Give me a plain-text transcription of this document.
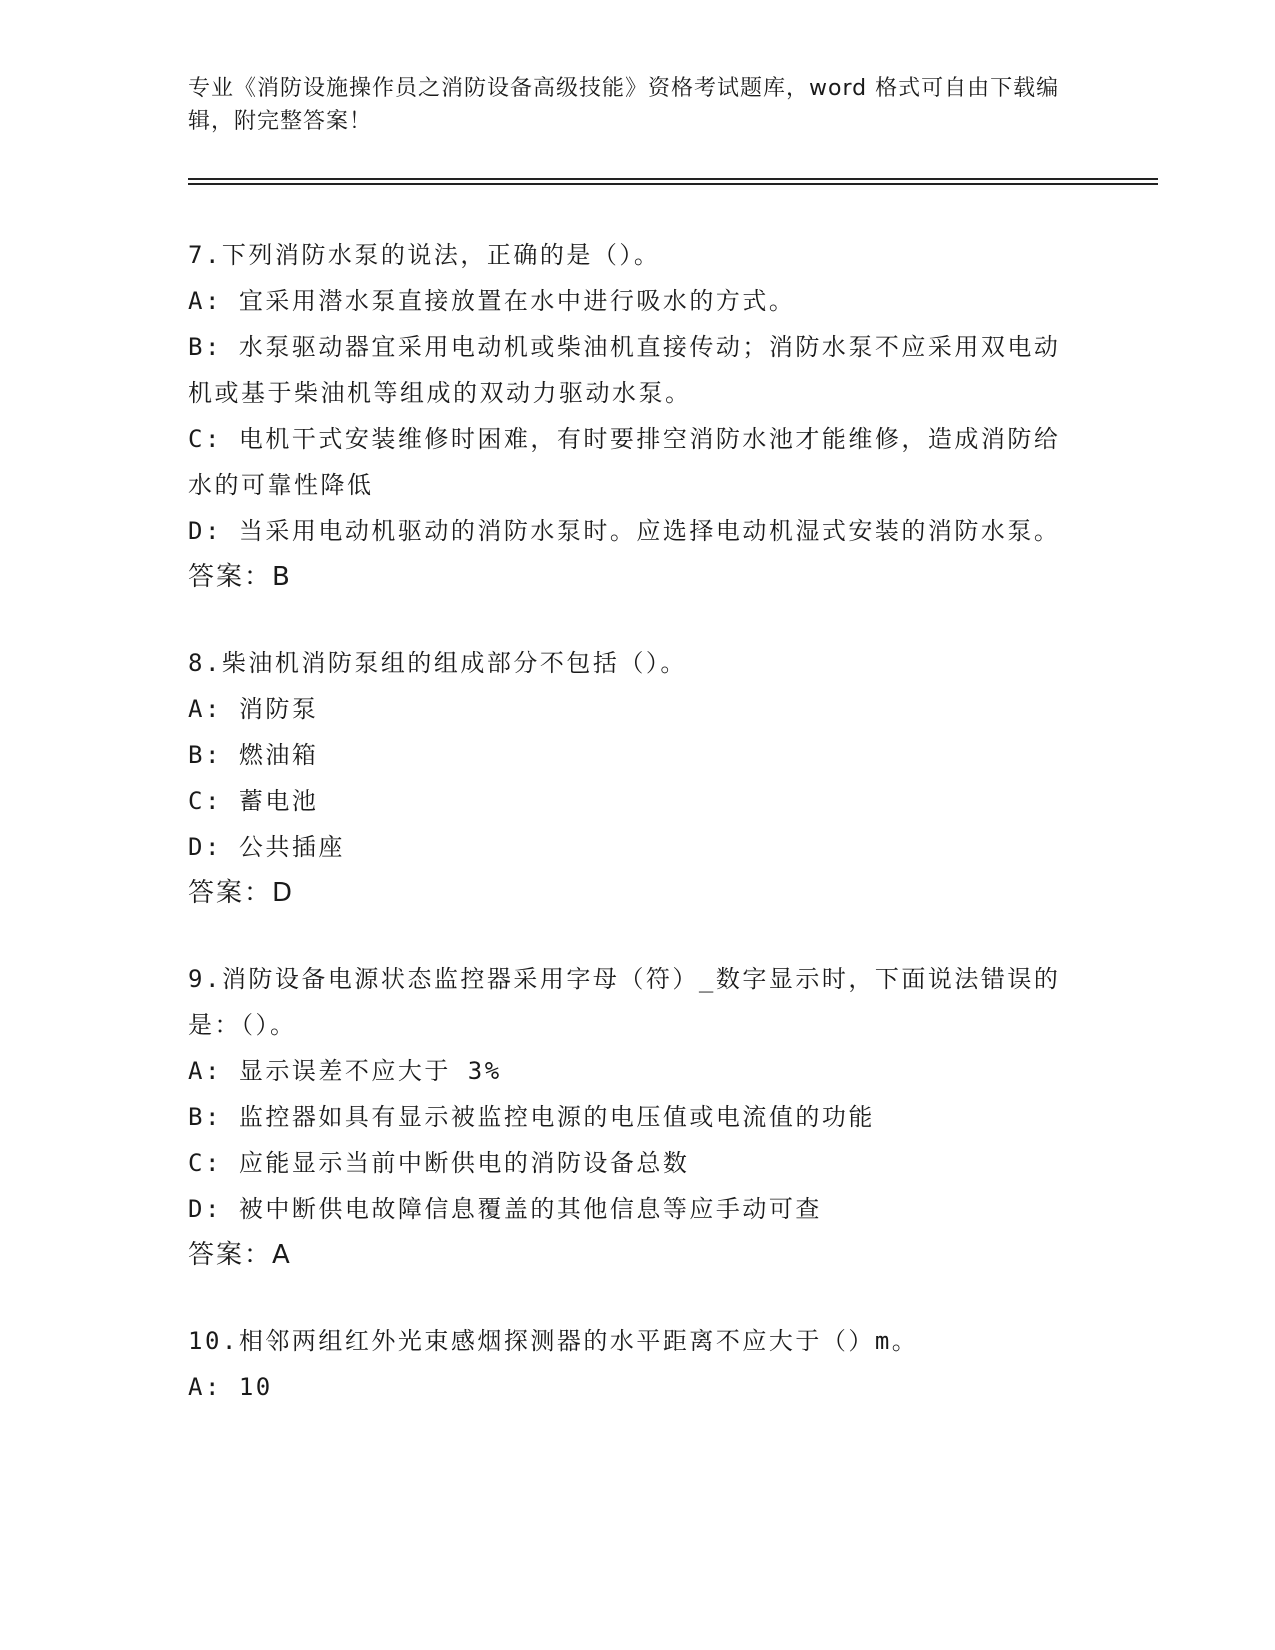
专业《消防设施操作员之消防设备高级技能》资格考试题库，word 格式可自由下载编辑，附完整答案！

7.下列消防水泵的说法，正确的是（）。

A: 宜采用潜水泵直接放置在水中进行吸水的方式。

B: 水泵驱动器宜采用电动机或柴油机直接传动；消防水泵不应采用双电动机或基于柴油机等组成的双动力驱动水泵。

C: 电机干式安装维修时困难，有时要排空消防水池才能维修，造成消防给水的可靠性降低

D: 当采用电动机驱动的消防水泵时。应选择电动机湿式安装的消防水泵。

答案：B

8.柴油机消防泵组的组成部分不包括（）。

A: 消防泵

B: 燃油箱

C: 蓄电池

D: 公共插座

答案：D

9.消防设备电源状态监控器采用字母（符）_数字显示时，下面说法错误的是：（）。

A: 显示误差不应大于 3%

B: 监控器如具有显示被监控电源的电压值或电流值的功能

C: 应能显示当前中断供电的消防设备总数

D: 被中断供电故障信息覆盖的其他信息等应手动可查

答案：A

10.相邻两组红外光束感烟探测器的水平距离不应大于（）m。

A: 10
